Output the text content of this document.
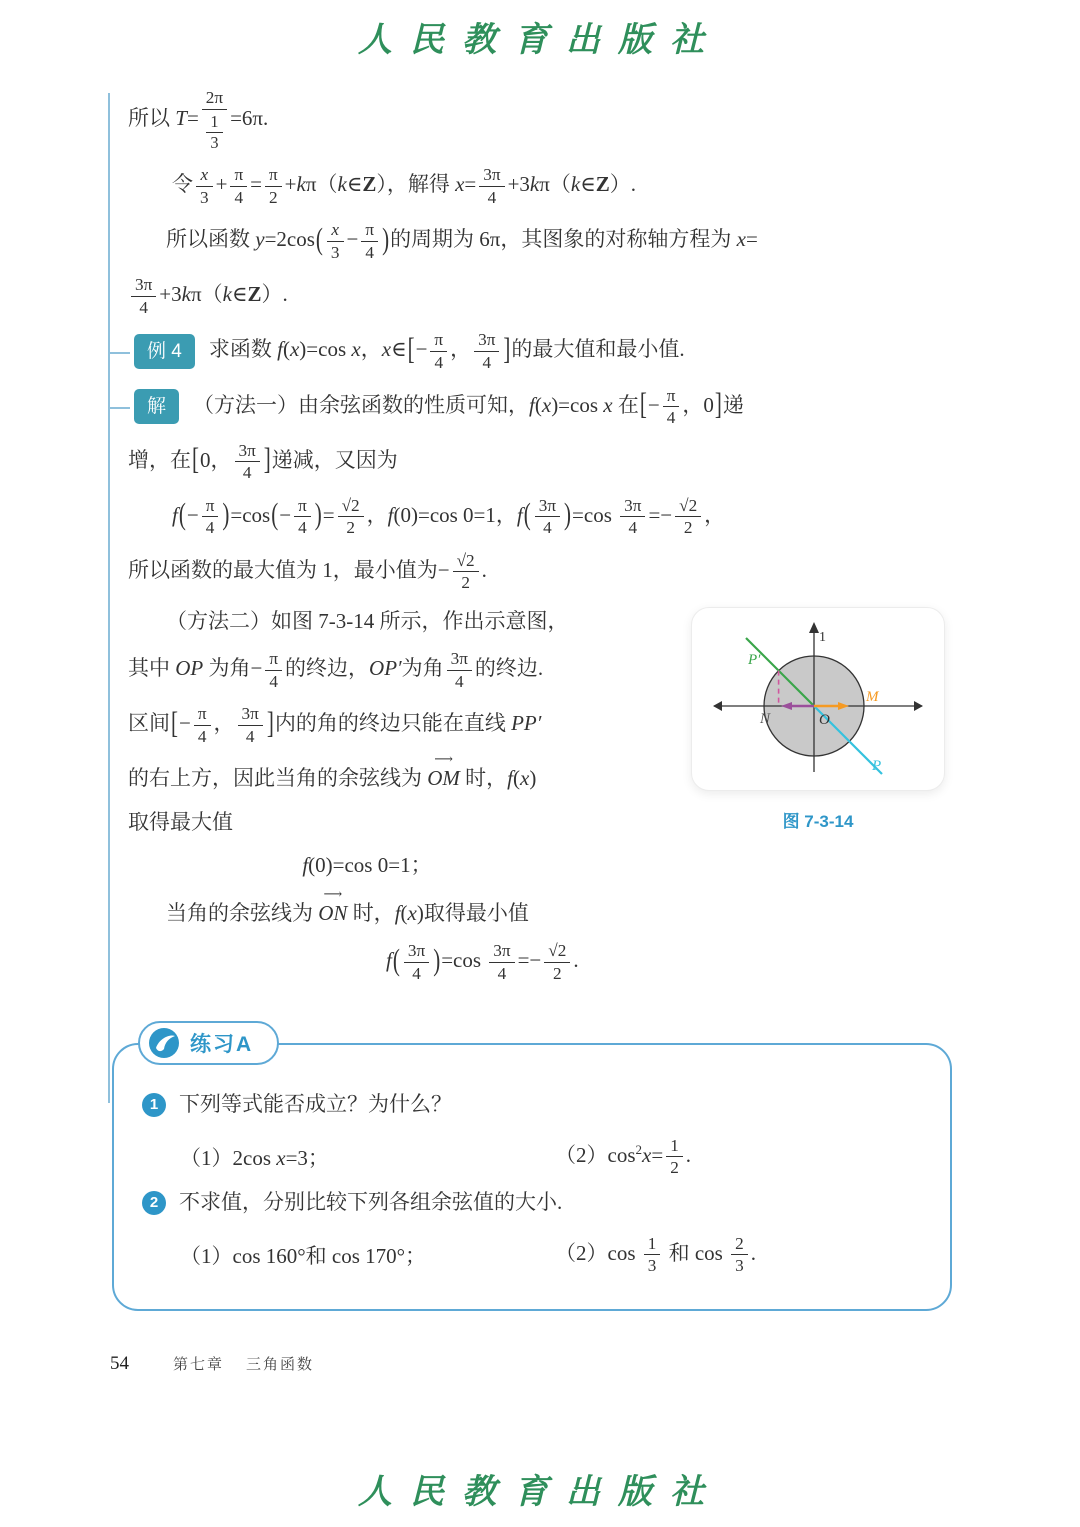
人民教育出版社

所以 $T= \frac{2\pi}{\frac{1}{3}} =6\pi$.

令 $\frac{x}{3} + \frac{\pi}{4} = \frac{\pi}{2}$ +kπ（k∈Z），解得 $x= \frac{3\pi}{4}$ +3kπ（k∈Z）.

所以函数 $y=2\cos( \frac{x}{3} - \frac{\pi}{4}$ )的周期为 6π，其图象的对称轴方程为 x=

$\frac{3\pi}{4}$ +3kπ（k∈Z）.

例 4	求函数 f(x)=cos x，x∈[− $\frac{\pi}{4}$ ， $\frac{3\pi}{4}$ ]的最大值和最小值.
解	（方法一）由余弦函数的性质可知，f(x)=cos x 在[− $\frac{\pi}{4}$ ，0]递

增，在[0， $\frac{3\pi}{4}$ ]递减，又因为

$f(- \frac{\pi}{4} )=\cos(- \frac{\pi}{4}$ )= $\frac{√2}{2}$ ，f(0)=cos 0=1，$f( \frac{3\pi}{4} )=\cos \frac{3\pi}{4} =- \frac{√2}{2}$ ，

所以函数的最大值为 1，最小值为− $\frac{√2}{2}$ .

P′
1
M
N	O
P
图 7-3-14

（方法二）如图 7-3-14 所示，作出示意图，

其中 OP 为角− $\frac{\pi}{4}$ 的终边，OP′为角 $\frac{3\pi}{4}$ 的终边.

区间[− $\frac{\pi}{4}$ ， $\frac{3\pi}{4}$ ]内的角的终边只能在直线 PP′

的右上方，因此当角的余弦线为 OM ⟶ 时，f(x)

取得最大值

f(0)=cos 0=1；

当角的余弦线为 ON ⟶ 时，f(x)取得最小值

$f( \frac{3\pi}{4} )=\cos \frac{3\pi}{4} =- \frac{√2}{2}$ .

练习A
1 下列等式能否成立？为什么？
（1）2cos x=3；	$(2)\cos^2x= \frac{1}{2}$ .
2 不求值，分别比较下列各组余弦值的大小.
（1）cos 160°和 cos 170°；	$(2)\cos \frac{1}{3}$ 和 $\cos \frac{2}{3}$ .
54	第七章 三角函数
人民教育出版社
